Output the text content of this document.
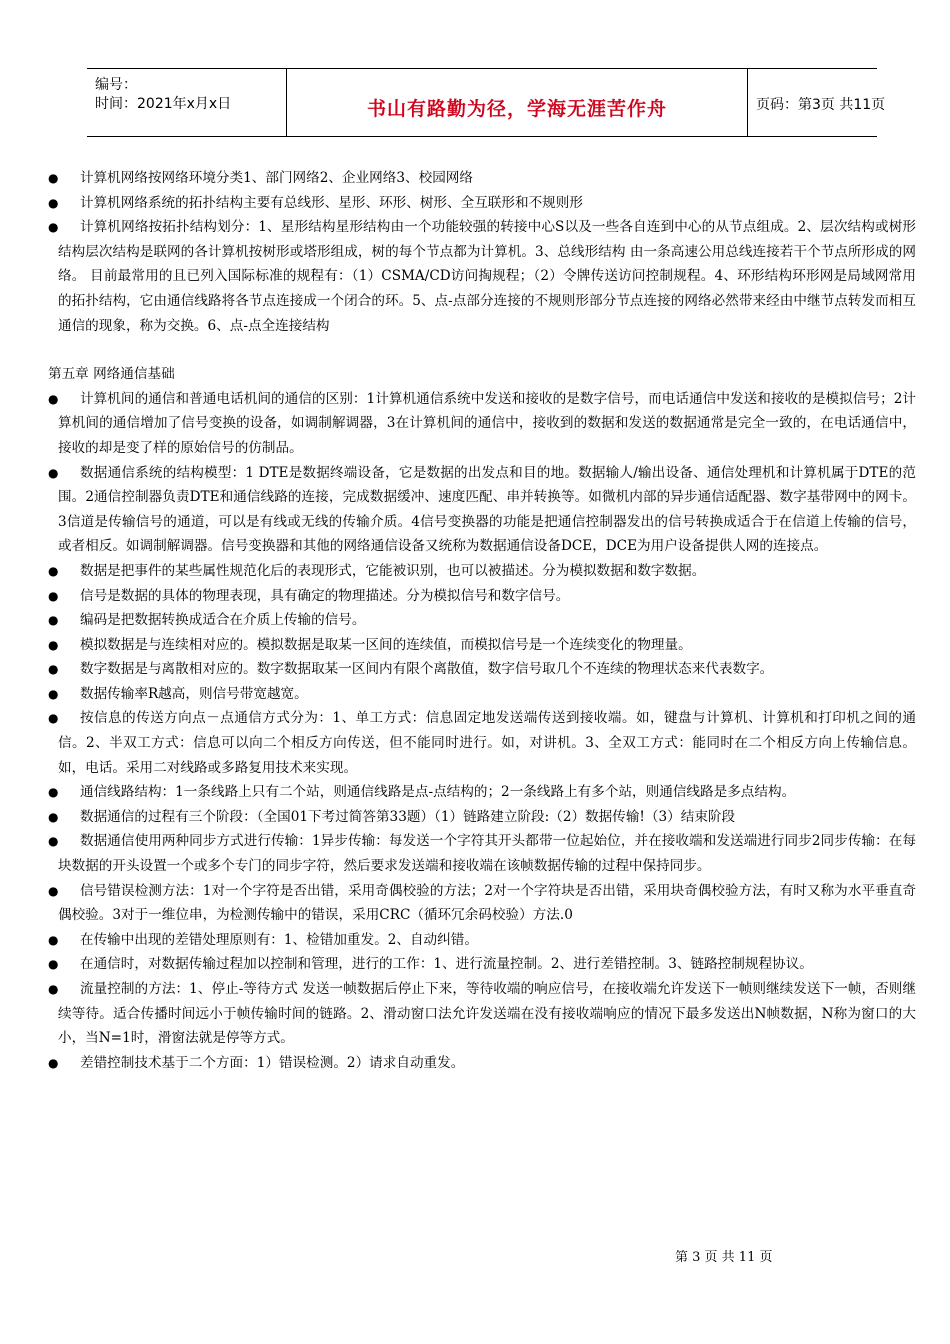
编号：
时间：2021年x月x日	书山有路勤为径，学海无涯苦作舟	页码：第3页 共11页
● 计算机网络按网络环境分类1、部门网络2、企业网络3、校园网络
● 计算机网络系统的拓扑结构主要有总线形、星形、环形、树形、全互联形和不规则形
● 计算机网络按拓扑结构划分：1、星形结构星形结构由一个功能较强的转接中心S以及一些各自连到中心的从节点组成。2、层次结构或树形结构层次结构是联网的各计算机按树形或塔形组成，树的每个节点都为计算机。3、总线形结构 由一条高速公用总线连接若干个节点所形成的网络。 目前最常用的且已列入国际标准的规程有：（1）CSMA/CD访问掏规程；（2）令牌传送访问控制规程。4、环形结构环形网是局域网常用的拓扑结构，它由通信线路将各节点连接成一个闭合的环。5、点-点部分连接的不规则形部分节点连接的网络必然带来经由中继节点转发而相互通信的现象，称为交换。6、点-点全连接结构

第五章 网络通信基础

● 计算机间的通信和普通电话机间的通信的区别：1计算机通信系统中发送和接收的是数字信号，而电话通信中发送和接收的是模拟信号；2计算机间的通信增加了信号变换的设备，如调制解调器，3在计算机间的通信中，接收到的数据和发送的数据通常是完全一致的，在电话通信中，接收的却是变了样的原始信号的仿制品。
● 数据通信系统的结构模型：1 DTE是数据终端设备，它是数据的出发点和目的地。数据输人/输出设备、通信处理机和计算机属于DTE的范围。2通信控制器负责DTE和通信线路的连接，完成数据缓冲、速度匹配、串并转换等。如微机内部的异步通信适配器、数字基带网中的网卡。3信道是传输信号的通道，可以是有线或无线的传输介质。4信号变换器的功能是把通信控制器发出的信号转换成适合于在信道上传输的信号，或者相反。如调制解调器。信号变换器和其他的网络通信设备又统称为数据通信设备DCE，DCE为用户设备提供人网的连接点。
● 数据是把事件的某些属性规范化后的表现形式，它能被识别，也可以被描述。分为模拟数据和数字数据。
● 信号是数据的具体的物理表现，具有确定的物理描述。分为模拟信号和数字信号。
● 编码是把数据转换成适合在介质上传输的信号。
● 模拟数据是与连续相对应的。模拟数据是取某一区间的连续值，而模拟信号是一个连续变化的物理量。
● 数字数据是与离散相对应的。数字数据取某一区间内有限个离散值，数字信号取几个不连续的物理状态来代表数字。
● 数据传输率R越高，则信号带宽越宽。
● 按信息的传送方向点－点通信方式分为：1、单工方式：信息固定地发送端传送到接收端。如，键盘与计算机、计算机和打印机之间的通信。2、半双工方式：信息可以向二个相反方向传送，但不能同时进行。如，对讲机。3、全双工方式：能同时在二个相反方向上传输信息。如，电话。采用二对线路或多路复用技术来实现。
● 通信线路结构：1一条线路上只有二个站，则通信线路是点-点结构的；2一条线路上有多个站，则通信线路是多点结构。
● 数据通信的过程有三个阶段：（全国01下考过简答第33题）（1）链路建立阶段:（2）数据传输!（3）结束阶段
● 数据通信使用两种同步方式进行传输：1异步传输：每发送一个字符其开头都带一位起始位，并在接收端和发送端进行同步2同步传输：在每块数据的开头设置一个或多个专门的同步字符，然后要求发送端和接收端在该帧数据传输的过程中保持同步。
● 信号错误检测方法：1对一个字符是否出错，采用奇偶校验的方法；2对一个字符块是否出错，采用块奇偶校验方法，有时又称为水平垂直奇偶校验。3对于一维位串，为检测传输中的错误，采用CRC（循环冗余码校验）方法.0
● 在传输中出现的差错处理原则有：1、检错加重发。2、自动纠错。
● 在通信时，对数据传输过程加以控制和管理，进行的工作：1、进行流量控制。2、进行差错控制。3、链路控制规程协议。
● 流量控制的方法：1、停止-等待方式 发送一帧数据后停止下来，等待收端的响应信号，在接收端允许发送下一帧则继续发送下一帧，否则继续等待。适合传播时间远小于帧传输时间的链路。2、滑动窗口法允许发送端在没有接收端响应的情况下最多发送出N帧数据，N称为窗口的大小，当N=1时，滑窗法就是停等方式。
● 差错控制技术基于二个方面：1）错误检测。2）请求自动重发。
第 3 页 共 11 页
